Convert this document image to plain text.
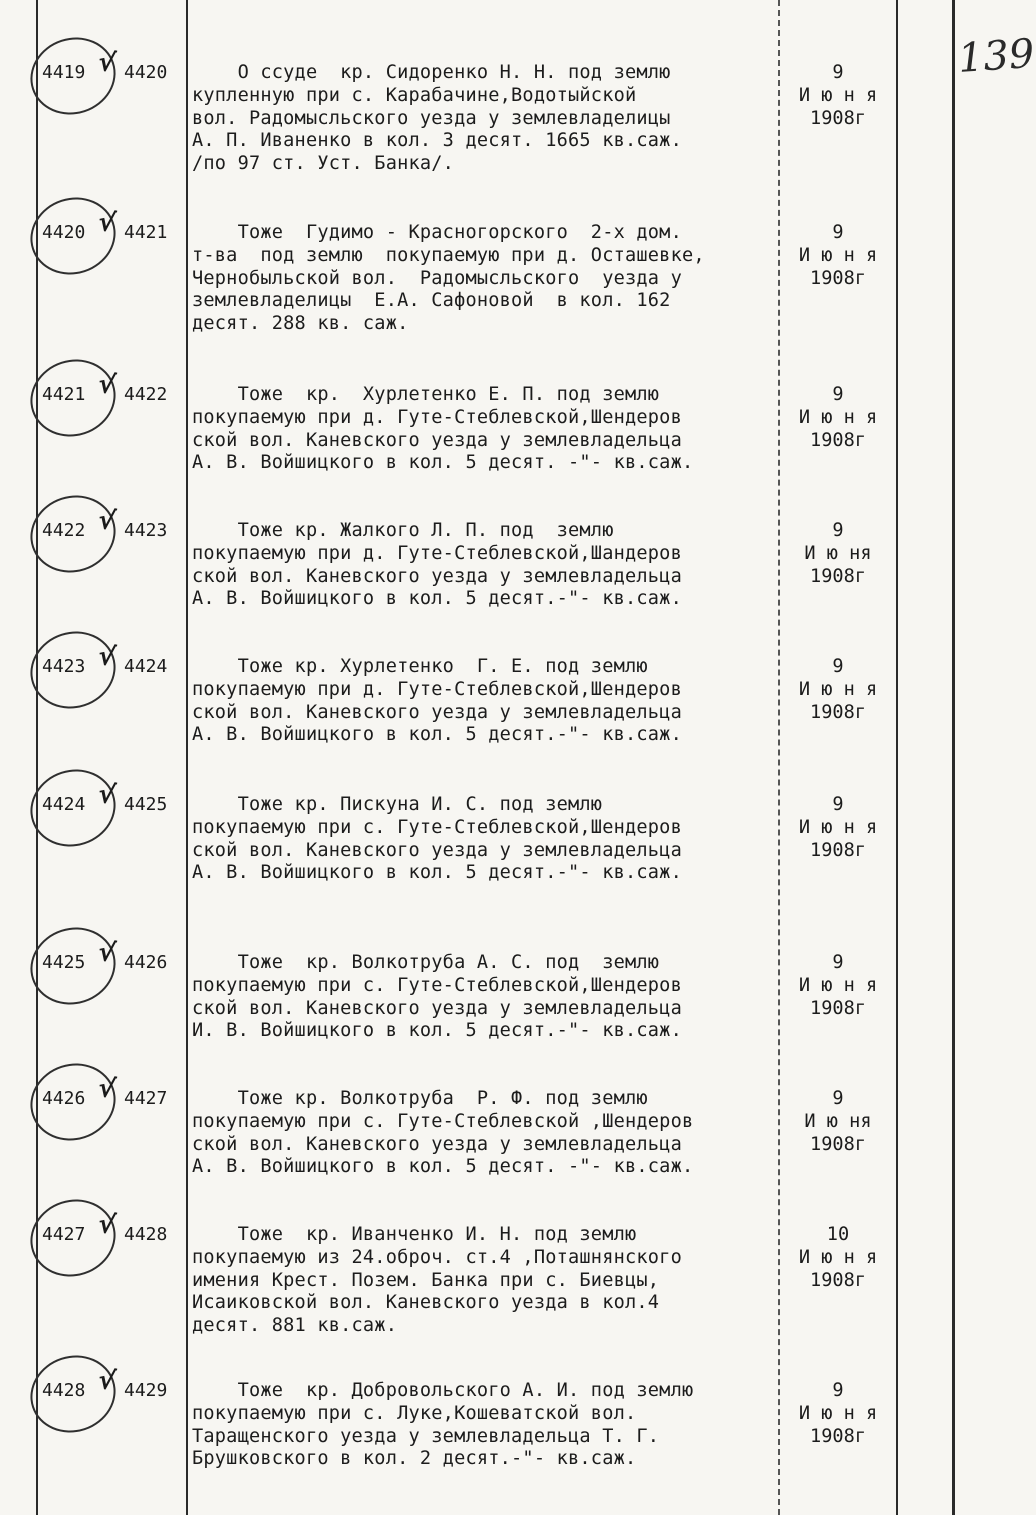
139
4419 √ 4420	О ссуде  кр. Сидоренко Н. Н. под землю
купленную при с. Карабачине,Водотыйской
вол. Радомысльского уезда у землевладелицы
А. П. Иваненко в кол. 3 десят. 1665 кв.саж.
/по 97 ст. Уст. Банка/.
9
И ю н я
1908г
4420 √ 4421	Тоже  Гудимо - Красногорского  2-х дом.
т-ва  под землю  покупаемую при д. Осташевке,
Чернобыльской вол.  Радомысльского  уезда у
землевладелицы  Е.А. Сафоновой  в кол. 162
десят. 288 кв. саж.
9
И ю н я
1908г
4421 √ 4422	Тоже  кр.  Хурлетенко Е. П. под землю
покупаемую при д. Гуте-Стеблевской,Шендеров
ской вол. Каневского уезда у землевладельца
А. В. Войшицкого в кол. 5 десят. -"- кв.саж.
9
И ю н я
1908г
4422 √ 4423	Тоже кр. Жалкого Л. П. под  землю
покупаемую при д. Гуте-Стеблевской,Шандеров
ской вол. Каневского уезда у землевладельца
А. В. Войшицкого в кол. 5 десят.-"- кв.саж.
9
И ю ня
1908г
4423 √ 4424	Тоже кр. Хурлетенко  Г. Е. под землю
покупаемую при д. Гуте-Стеблевской,Шендеров
ской вол. Каневского уезда у землевладельца
А. В. Войшицкого в кол. 5 десят.-"- кв.саж.
9
И ю н я
1908г
4424 √ 4425	Тоже кр. Пискуна И. С. под землю
покупаемую при с. Гуте-Стеблевской,Шендеров
ской вол. Каневского уезда у землевладельца
А. В. Войшицкого в кол. 5 десят.-"- кв.саж.
9
И ю н я
1908г
4425 √ 4426	Тоже  кр. Волкотруба А. С. под  землю
покупаемую при с. Гуте-Стеблевской,Шендеров
ской вол. Каневского уезда у землевладельца
И. В. Войшицкого в кол. 5 десят.-"- кв.саж.
9
И ю н я
1908г
4426 √ 4427	Тоже кр. Волкотруба  Р. Ф. под землю
покупаемую при с. Гуте-Стеблевской ,Шендеров
ской вол. Каневского уезда у землевладельца
А. В. Войшицкого в кол. 5 десят. -"- кв.саж.
9
И ю ня
1908г
4427 √ 4428	Тоже  кр. Иванченко И. Н. под землю
покупаемую из 24.оброч. ст.4 ,Поташнянского
имения Крест. Позем. Банка при с. Биевцы,
Исаиковской вол. Каневского уезда в кол.4
десят. 881 кв.саж.
10
И ю н я
1908г
4428 √ 4429	Тоже  кр. Добровольского А. И. под землю
покупаемую при с. Луке,Кошеватской вол.
Таращенского уезда у землевладельца Т. Г.
Брушковского в кол. 2 десят.-"- кв.саж.
9
И ю н я
1908г
